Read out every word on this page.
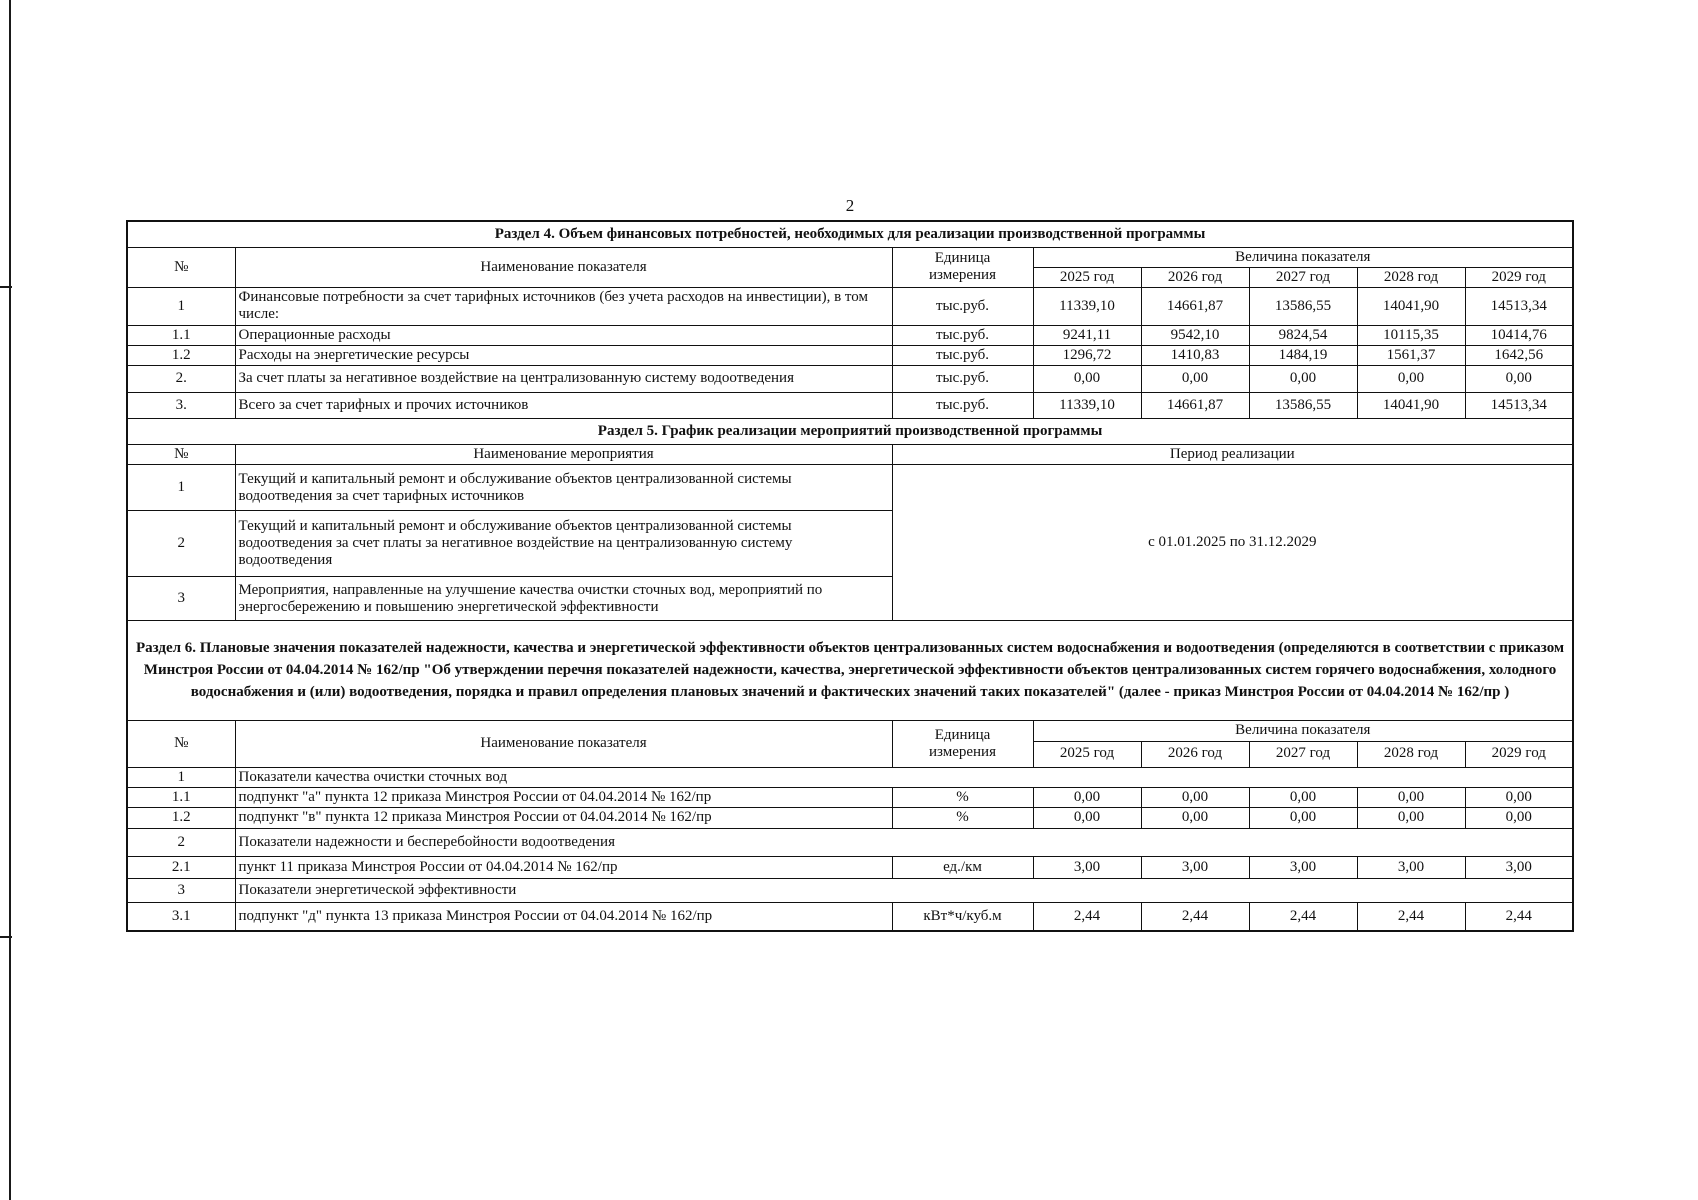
2
Раздел 4. Объем финансовых потребностей, необходимых для реализации производственной программы							
№	Наименование показателя	Единица
измерения	Величина показателя				
			2025 год	2026 год	2027 год	2028 год	2029 год
1	Финансовые потребности за счет тарифных источников (без учета расходов на инвестиции), в том числе:	тыс.руб.	11339,10	14661,87	13586,55	14041,90	14513,34
1.1	Операционные расходы	тыс.руб.	9241,11	9542,10	9824,54	10115,35	10414,76
1.2	Расходы на энергетические ресурсы	тыс.руб.	1296,72	1410,83	1484,19	1561,37	1642,56
2.	За счет платы за негативное воздействие на централизованную систему водоотведения	тыс.руб.	0,00	0,00	0,00	0,00	0,00
3.	Всего за счет тарифных и прочих источников	тыс.руб.	11339,10	14661,87	13586,55	14041,90	14513,34
Раздел 5. График реализации мероприятий производственной программы							
№	Наименование мероприятия	Период реализации					
1	Текущий и капитальный ремонт и обслуживание объектов централизованной системы водоотведения за счет тарифных источников	с 01.01.2025 по 31.12.2029					
2	Текущий и капитальный ремонт и обслуживание объектов централизованной системы водоотведения за счет платы за негативное воздействие на централизованную систему водоотведения						
3	Мероприятия, направленные на улучшение качества очистки сточных вод, мероприятий по энергосбережению и повышению энергетической эффективности						
Раздел 6. Плановые значения показателей надежности, качества и энергетической эффективности объектов централизованных систем водоснабжения и водоотведения (определяются в соответствии с приказом Минстроя России от 04.04.2014 № 162/пр "Об утверждении перечня показателей надежности, качества, энергетической эффективности объектов централизованных систем горячего водоснабжения, холодного водоснабжения и (или) водоотведения, порядка и правил определения плановых значений и фактических значений таких показателей" (далее - приказ Минстроя России от 04.04.2014 № 162/пр )							
№	Наименование показателя	Единица
измерения	Величина показателя				
			2025 год	2026 год	2027 год	2028 год	2029 год
1	Показатели качества очистки сточных вод						
1.1	подпункт "а" пункта 12 приказа Минстроя России от 04.04.2014 № 162/пр	%	0,00	0,00	0,00	0,00	0,00
1.2	подпункт "в" пункта 12 приказа Минстроя России от 04.04.2014 № 162/пр	%	0,00	0,00	0,00	0,00	0,00
2	Показатели надежности и бесперебойности водоотведения						
2.1	пункт 11 приказа Минстроя России от 04.04.2014 № 162/пр	ед./км	3,00	3,00	3,00	3,00	3,00
3	Показатели энергетической эффективности						
3.1	подпункт "д" пункта 13 приказа Минстроя России от 04.04.2014 № 162/пр	кВт*ч/куб.м	2,44	2,44	2,44	2,44	2,44
